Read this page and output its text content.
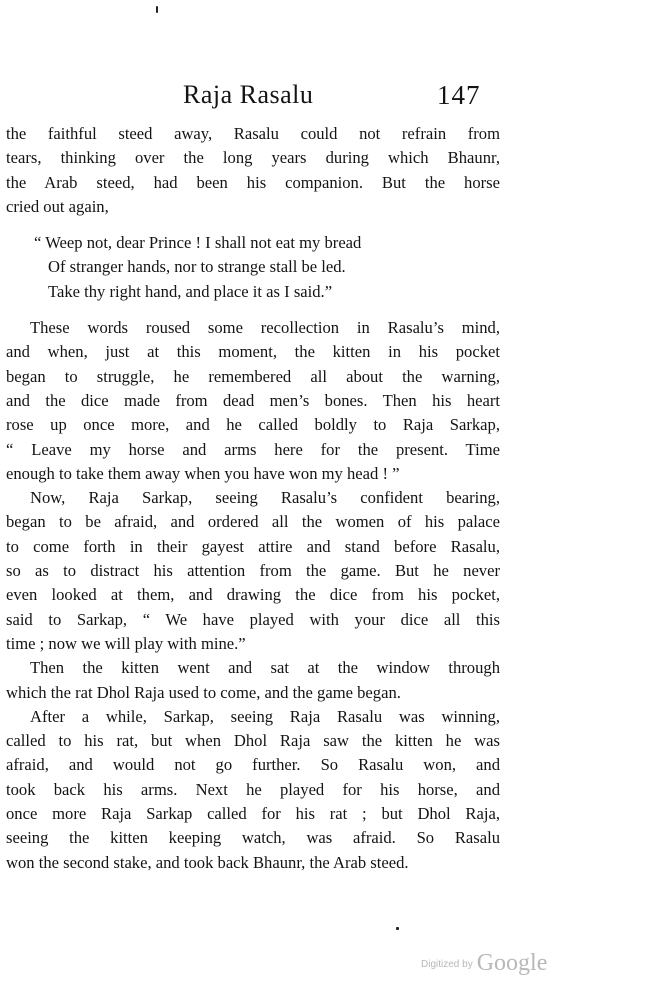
Raja Rasalu	147
the faithful steed away, Rasalu could not refrain from
tears, thinking over the long years during which Bhaunr,
the Arab steed, had been his companion. But the horse
cried out again,
“ Weep not, dear Prince ! I shall not eat my bread
Of stranger hands, nor to strange stall be led.
Take thy right hand, and place it as I said.”
These words roused some recollection in Rasalu’s mind,
and when, just at this moment, the kitten in his pocket
began to struggle, he remembered all about the warning,
and the dice made from dead men’s bones. Then his heart
rose up once more, and he called boldly to Raja Sarkap,
“ Leave my horse and arms here for the present. Time
enough to take them away when you have won my head ! ”
Now, Raja Sarkap, seeing Rasalu’s confident bearing,
began to be afraid, and ordered all the women of his palace
to come forth in their gayest attire and stand before Rasalu,
so as to distract his attention from the game. But he never
even looked at them, and drawing the dice from his pocket,
said to Sarkap, “ We have played with your dice all this
time ; now we will play with mine.”
Then the kitten went and sat at the window through
which the rat Dhol Raja used to come, and the game began.
After a while, Sarkap, seeing Raja Rasalu was winning,
called to his rat, but when Dhol Raja saw the kitten he was
afraid, and would not go further. So Rasalu won, and
took back his arms. Next he played for his horse, and
once more Raja Sarkap called for his rat ; but Dhol Raja,
seeing the kitten keeping watch, was afraid. So Rasalu
won the second stake, and took back Bhaunr, the Arab steed.
Digitized by Google
